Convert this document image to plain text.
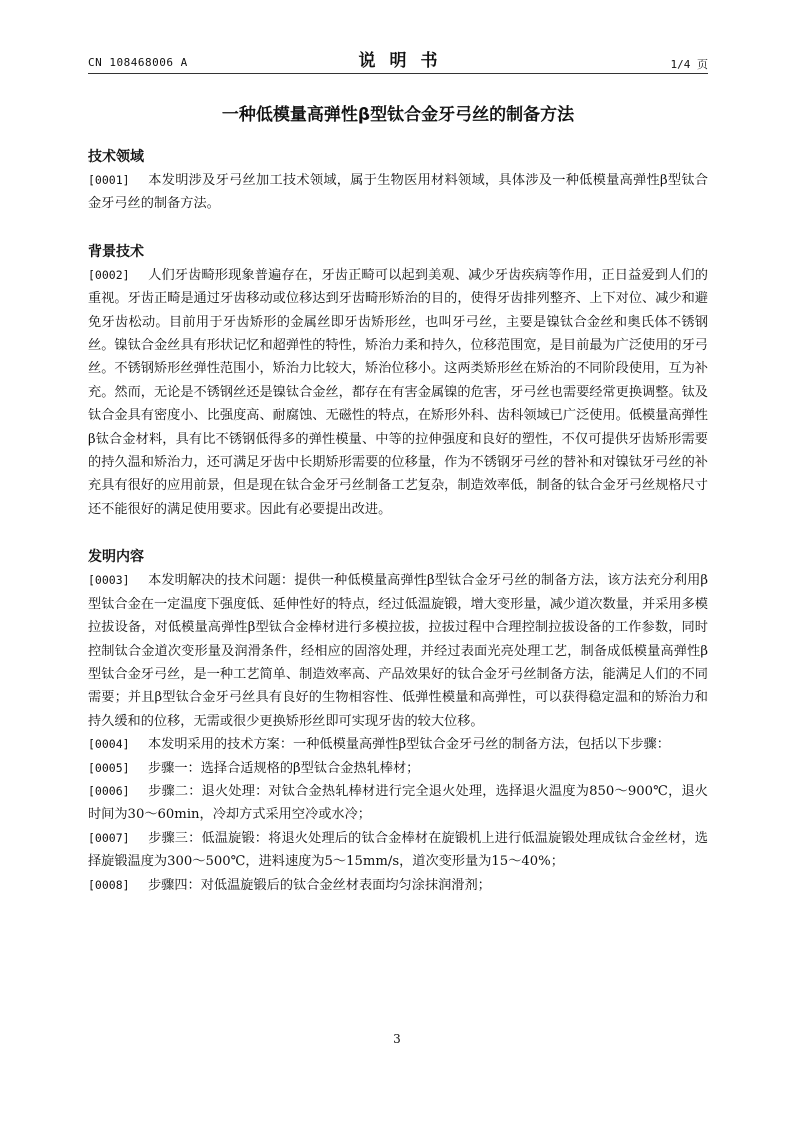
CN 108468006 A	说明书	1/4 页
一种低模量高弹性β型钛合金牙弓丝的制备方法
技术领域

[0001] 本发明涉及牙弓丝加工技术领域，属于生物医用材料领域，具体涉及一种低模量高弹性β型钛合金牙弓丝的制备方法。

背景技术

[0002] 人们牙齿畸形现象普遍存在，牙齿正畸可以起到美观、减少牙齿疾病等作用，正日益爱到人们的重视。牙齿正畸是通过牙齿移动或位移达到牙齿畸形矫治的目的，使得牙齿排列整齐、上下对位、减少和避免牙齿松动。目前用于牙齿矫形的金属丝即牙齿矫形丝，也叫牙弓丝，主要是镍钛合金丝和奥氏体不锈钢丝。镍钛合金丝具有形状记忆和超弹性的特性，矫治力柔和持久，位移范围宽，是目前最为广泛使用的牙弓丝。不锈钢矫形丝弹性范围小，矫治力比较大，矫治位移小。这两类矫形丝在矫治的不同阶段使用，互为补充。然而，无论是不锈钢丝还是镍钛合金丝，都存在有害金属镍的危害，牙弓丝也需要经常更换调整。钛及钛合金具有密度小、比强度高、耐腐蚀、无磁性的特点，在矫形外科、齿科领域已广泛使用。低模量高弹性β钛合金材料，具有比不锈钢低得多的弹性模量、中等的拉伸强度和良好的塑性，不仅可提供牙齿矫形需要的持久温和矫治力，还可满足牙齿中长期矫形需要的位移量，作为不锈钢牙弓丝的替补和对镍钛牙弓丝的补充具有很好的应用前景，但是现在钛合金牙弓丝制备工艺复杂，制造效率低，制备的钛合金牙弓丝规格尺寸还不能很好的满足使用要求。因此有必要提出改进。

发明内容

[0003] 本发明解决的技术问题：提供一种低模量高弹性β型钛合金牙弓丝的制备方法，该方法充分利用β型钛合金在一定温度下强度低、延伸性好的特点，经过低温旋锻，增大变形量，减少道次数量，并采用多模拉拔设备，对低模量高弹性β型钛合金棒材进行多模拉拔，拉拔过程中合理控制拉拔设备的工作参数，同时控制钛合金道次变形量及润滑条件，经相应的固溶处理，并经过表面光亮处理工艺，制备成低模量高弹性β型钛合金牙弓丝，是一种工艺简单、制造效率高、产品效果好的钛合金牙弓丝制备方法，能满足人们的不同需要；并且β型钛合金牙弓丝具有良好的生物相容性、低弹性模量和高弹性，可以获得稳定温和的矫治力和持久缓和的位移，无需或很少更换矫形丝即可实现牙齿的较大位移。

[0004] 本发明采用的技术方案：一种低模量高弹性β型钛合金牙弓丝的制备方法，包括以下步骤：

[0005] 步骤一：选择合适规格的β型钛合金热轧棒材；

[0006] 步骤二：退火处理：对钛合金热轧棒材进行完全退火处理，选择退火温度为850～900℃，退火时间为30～60min，冷却方式采用空冷或水冷；

[0007] 步骤三：低温旋锻：将退火处理后的钛合金棒材在旋锻机上进行低温旋锻处理成钛合金丝材，选择旋锻温度为300～500℃，进料速度为5～15mm/s，道次变形量为15～40%；

[0008] 步骤四：对低温旋锻后的钛合金丝材表面均匀涂抹润滑剂；

3
